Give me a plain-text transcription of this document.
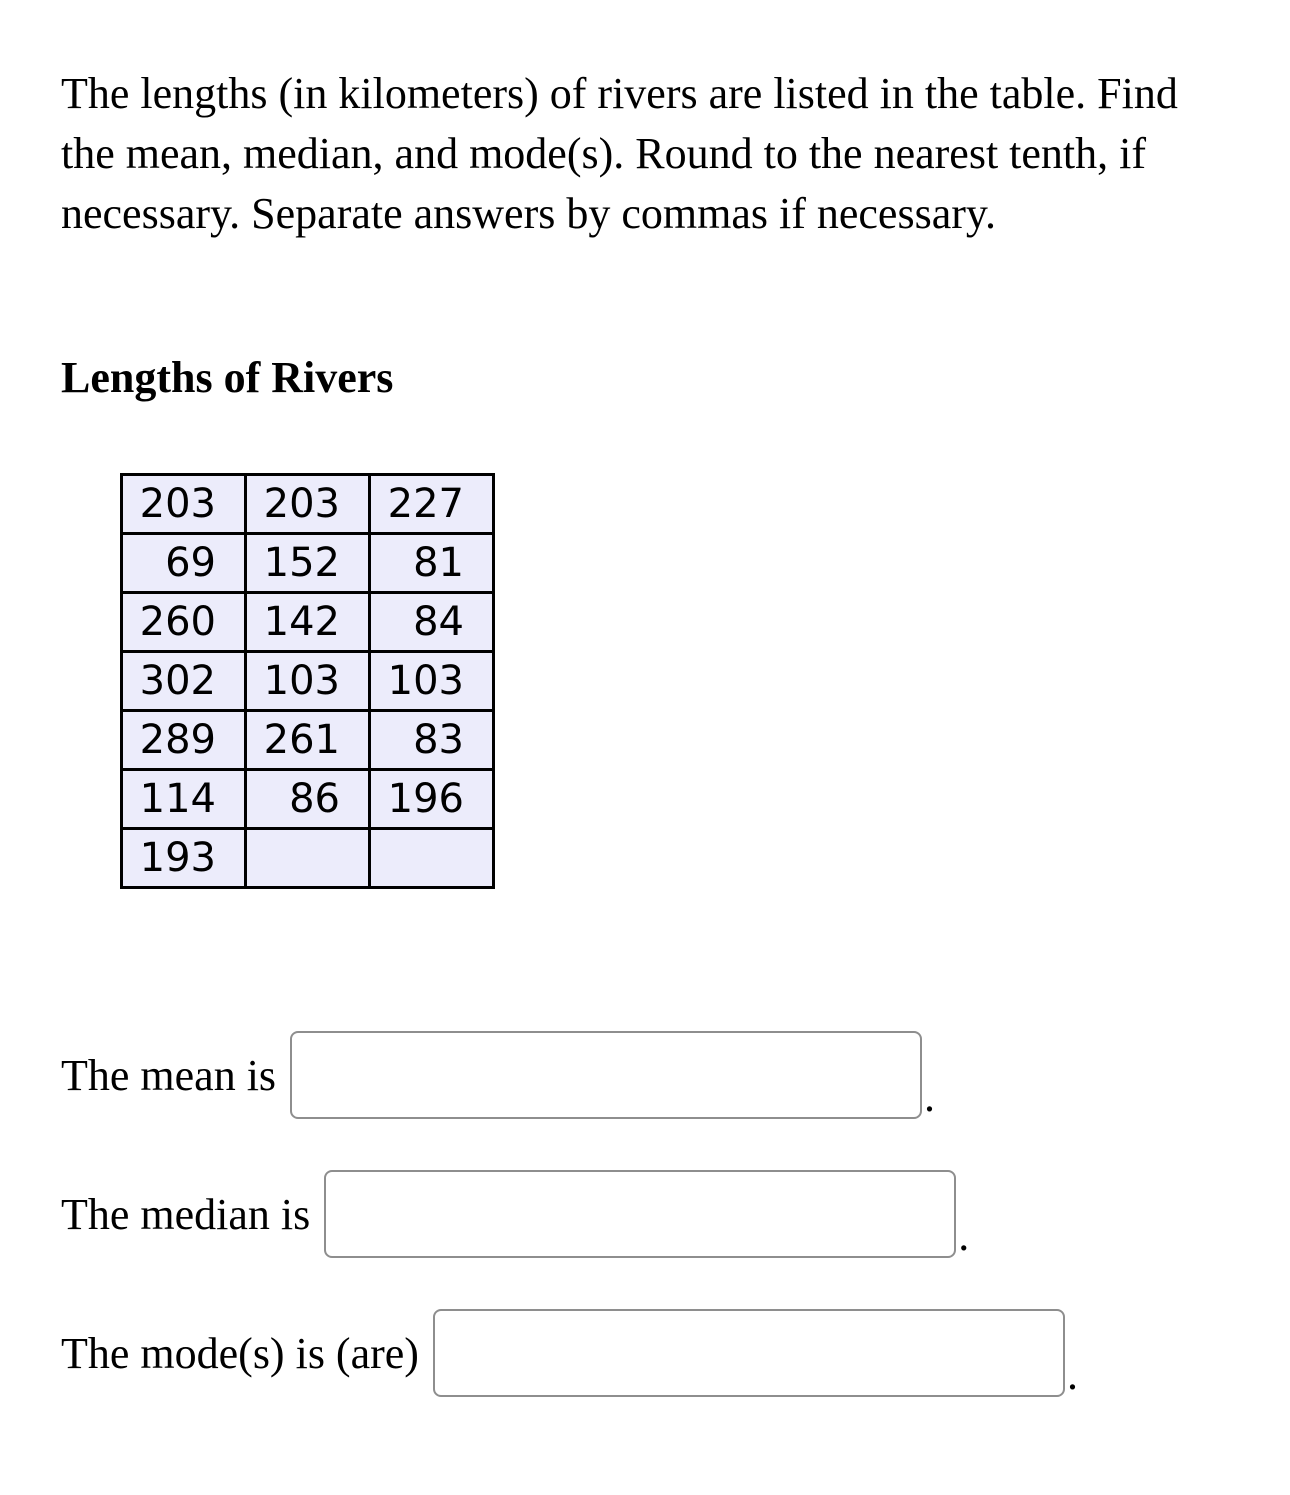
The lengths (in kilometers) of rivers are listed in the table. Find the mean, median, and mode(s). Round to the nearest tenth, if necessary. Separate answers by commas if necessary.

Lengths of Rivers

203	203	227
69	152	81
260	142	84
302	103	103
289	261	83
114	86	196
193		
The mean is	.
The median is	.
The mode(s) is (are)	.
